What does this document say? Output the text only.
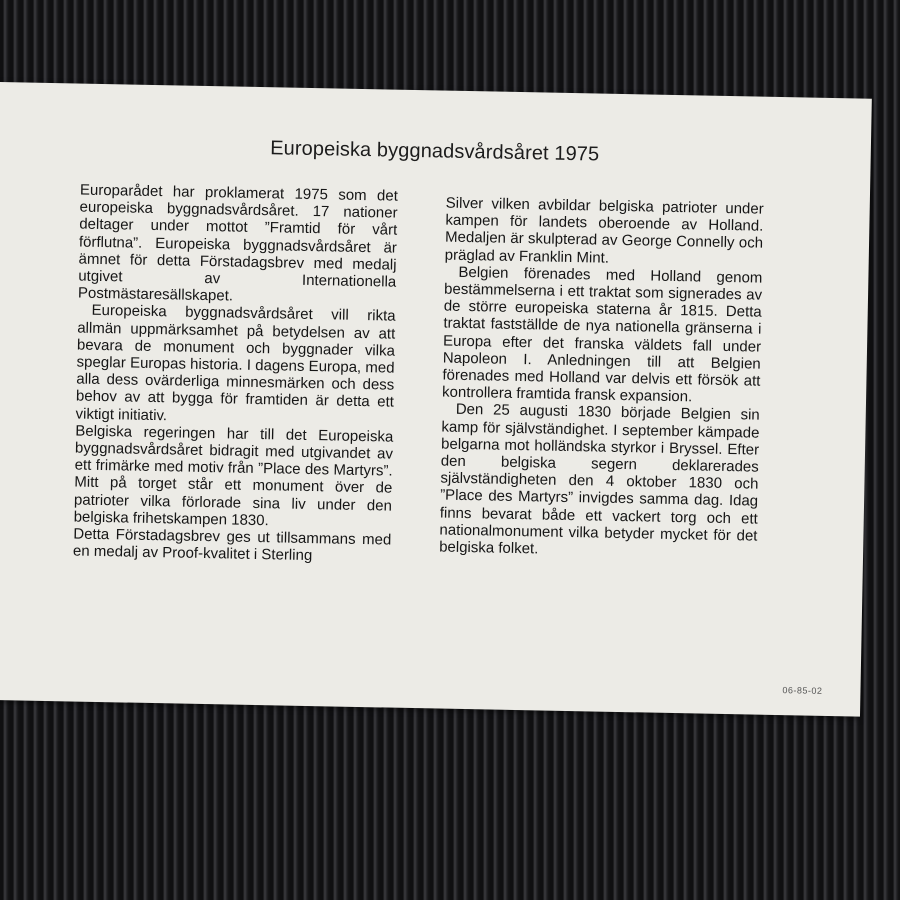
Europeiska byggnadsvårdsåret 1975

Europarådet har proklamerat 1975 som det europeiska byggnadsvårdsåret. 17 nationer deltager under mottot ”Framtid för vårt förflutna”. Europeiska byggnadsvårdsåret är ämnet för detta Förstadagsbrev med medalj utgivet av Internationella Postmästaresällskapet.

Europeiska byggnadsvårdsåret vill rikta allmän uppmärksamhet på betydelsen av att bevara de monument och byggnader vilka speglar Europas historia. I dagens Europa, med alla dess ovärderliga minnesmärken och dess behov av att bygga för framtiden är detta ett viktigt initiativ.

Belgiska regeringen har till det Europeiska byggnadsvårdsåret bidragit med utgivandet av ett frimärke med motiv från ”Place des Martyrs”. Mitt på torget står ett monument över de patrioter vilka förlorade sina liv under den belgiska frihetskampen 1830.

Detta Förstadagsbrev ges ut tillsammans med en medalj av Proof-kvalitet i Sterling

Silver vilken avbildar belgiska patrioter under kampen för landets oberoende av Holland. Medaljen är skulpterad av George Connelly och präglad av Franklin Mint.

Belgien förenades med Holland genom bestämmelserna i ett traktat som signerades av de större europeiska staterna år 1815. Detta traktat fastställde de nya nationella gränserna i Europa efter det franska väldets fall under Napoleon I. Anledningen till att Belgien förenades med Holland var delvis ett försök att kontrollera framtida fransk expansion.

Den 25 augusti 1830 började Belgien sin kamp för självständighet. I september kämpade belgarna mot holländska styrkor i Bryssel. Efter den belgiska segern deklarerades självständigheten den 4 oktober 1830 och ”Place des Martyrs” invigdes samma dag. Idag finns bevarat både ett vackert torg och ett nationalmonument vilka betyder mycket för det belgiska folket.

06-85-02
